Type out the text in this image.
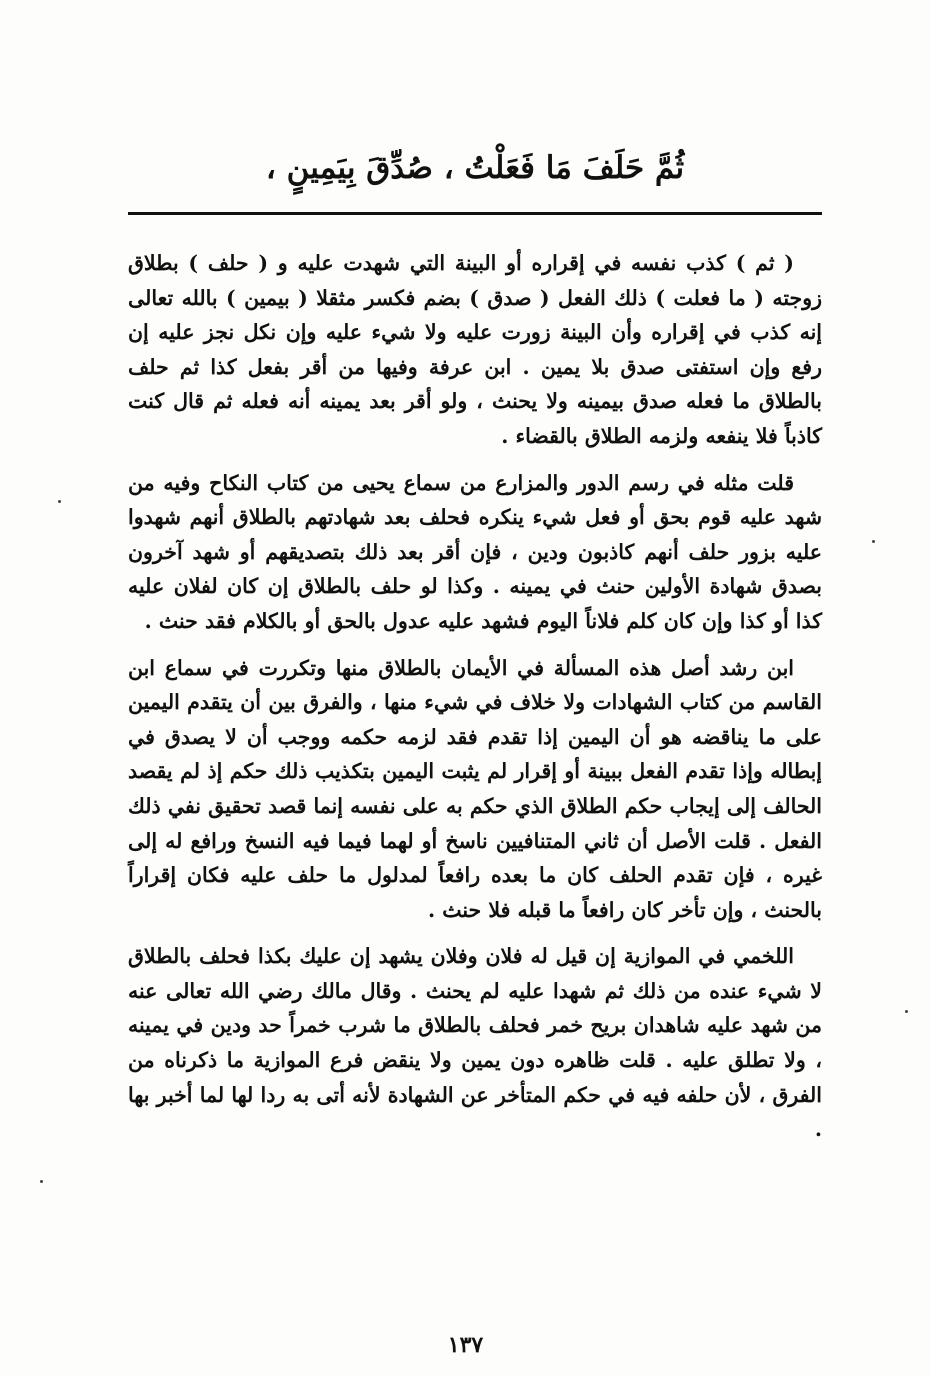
ثُمَّ حَلَفَ مَا فَعَلْتُ ، صُدِّقَ بِيَمِينٍ ،

( ثم ) كذب نفسه في إقراره أو البينة التي شهدت عليه و ( حلف ) بطلاق زوجته ( ما فعلت ) ذلك الفعل ( صدق ) بضم فكسر مثقلا ( بيمين ) بالله تعالى إنه كذب في إقراره وأن البينة زورت عليه ولا شيء عليه وإن نكل نجز عليه إن رفع وإن استفتى صدق بلا يمين . ابن عرفة وفيها من أقر بفعل كذا ثم حلف بالطلاق ما فعله صدق بيمينه ولا يحنث ، ولو أقر بعد يمينه أنه فعله ثم قال كنت كاذباً فلا ينفعه ولزمه الطلاق بالقضاء .

قلت مثله في رسم الدور والمزارع من سماع يحيى من كتاب النكاح وفيه من شهد عليه قوم بحق أو فعل شيء ينكره فحلف بعد شهادتهم بالطلاق أنهم شهدوا عليه بزور حلف أنهم كاذبون ودين ، فإن أقر بعد ذلك بتصديقهم أو شهد آخرون بصدق شهادة الأولين حنث في يمينه . وكذا لو حلف بالطلاق إن كان لفلان عليه كذا أو كذا وإن كان كلم فلاناً اليوم فشهد عليه عدول بالحق أو بالكلام فقد حنث .

ابن رشد أصل هذه المسألة في الأيمان بالطلاق منها وتكررت في سماع ابن القاسم من كتاب الشهادات ولا خلاف في شيء منها ، والفرق بين أن يتقدم اليمين على ما يناقضه هو أن اليمين إذا تقدم فقد لزمه حكمه ووجب أن لا يصدق في إبطاله وإذا تقدم الفعل ببينة أو إقرار لم يثبت اليمين بتكذيب ذلك حكم إذ لم يقصد الحالف إلى إيجاب حكم الطلاق الذي حكم به على نفسه إنما قصد تحقيق نفي ذلك الفعل . قلت الأصل أن ثاني المتنافيين ناسخ أو لهما فيما فيه النسخ ورافع له إلى غيره ، فإن تقدم الحلف كان ما بعده رافعاً لمدلول ما حلف عليه فكان إقراراً بالحنث ، وإن تأخر كان رافعاً ما قبله فلا حنث .

اللخمي في الموازية إن قيل له فلان وفلان يشهد إن عليك بكذا فحلف بالطلاق لا شيء عنده من ذلك ثم شهدا عليه لم يحنث . وقال مالك رضي الله تعالى عنه من شهد عليه شاهدان بريح خمر فحلف بالطلاق ما شرب خمراً حد ودين في يمينه ، ولا تطلق عليه . قلت ظاهره دون يمين ولا ينقض فرع الموازية ما ذكرناه من الفرق ، لأن حلفه فيه في حكم المتأخر عن الشهادة لأنه أتى به ردا لها لما أخبر بها .

١٣٧
